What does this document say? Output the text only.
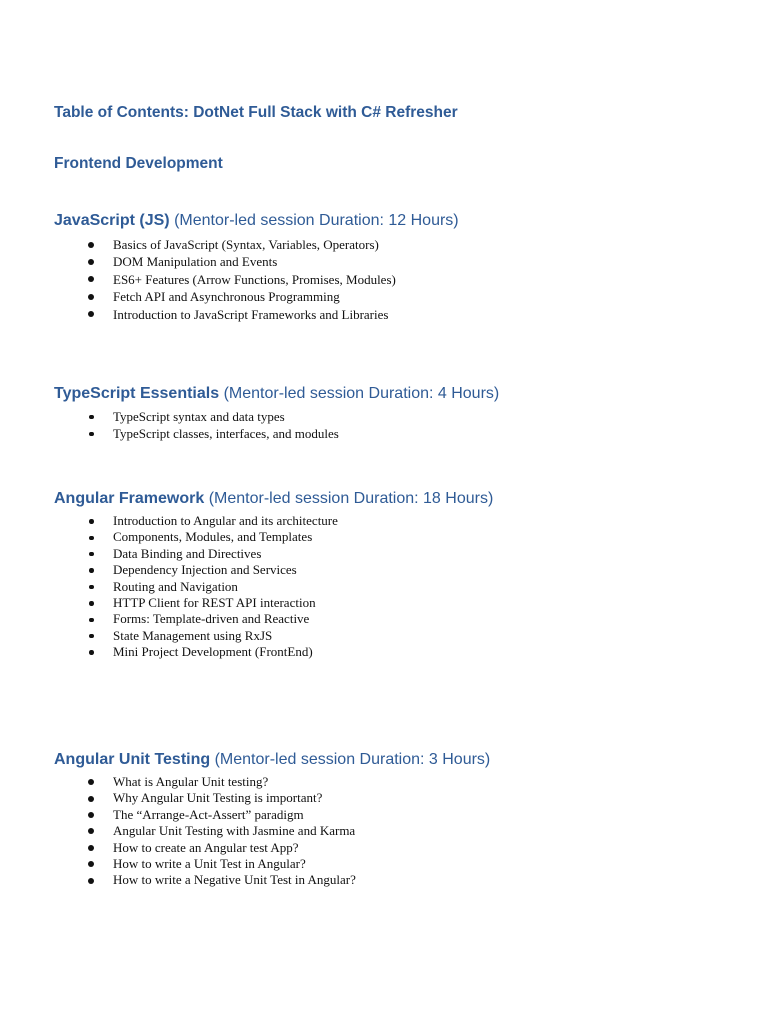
Table of Contents: DotNet Full Stack with C# Refresher
Frontend Development
JavaScript (JS) (Mentor-led session Duration: 12 Hours)
Basics of JavaScript (Syntax, Variables, Operators)
DOM Manipulation and Events
ES6+ Features (Arrow Functions, Promises, Modules)
Fetch API and Asynchronous Programming
Introduction to JavaScript Frameworks and Libraries
TypeScript Essentials (Mentor-led session Duration: 4 Hours)
TypeScript syntax and data types
TypeScript classes, interfaces, and modules
Angular Framework (Mentor-led session Duration: 18 Hours)
Introduction to Angular and its architecture
Components, Modules, and Templates
Data Binding and Directives
Dependency Injection and Services
Routing and Navigation
HTTP Client for REST API interaction
Forms: Template-driven and Reactive
State Management using RxJS
Mini Project Development (FrontEnd)
Angular Unit Testing (Mentor-led session Duration: 3 Hours)
What is Angular Unit testing?
Why Angular Unit Testing is important?
The “Arrange-Act-Assert” paradigm
Angular Unit Testing with Jasmine and Karma
How to create an Angular test App?
How to write a Unit Test in Angular?
How to write a Negative Unit Test in Angular?
